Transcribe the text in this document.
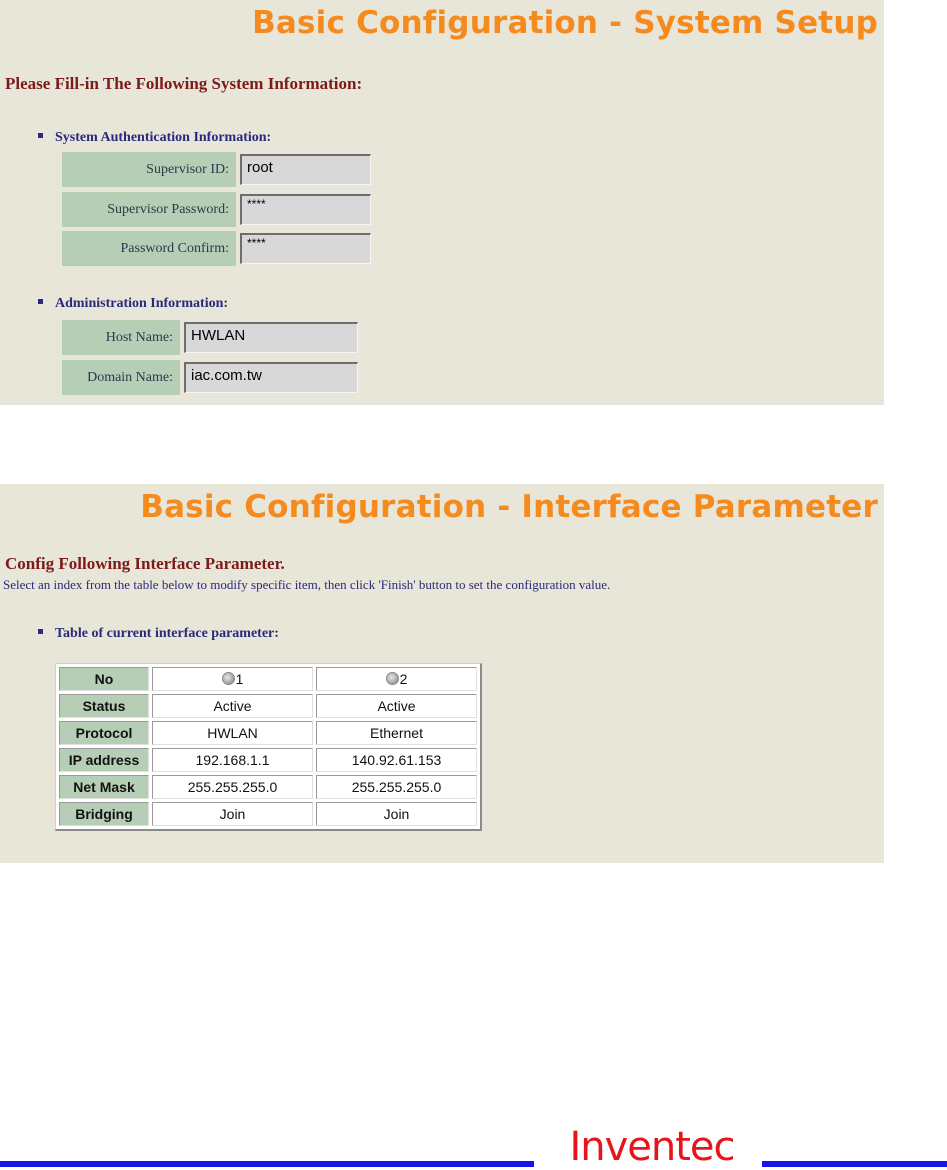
Basic Configuration - System Setup
Please Fill-in The Following System Information:
System Authentication Information:
Supervisor ID:	root
Supervisor Password:	****
Password Confirm:	****
Administration Information:
Host Name:	HWLAN
Domain Name:	iac.com.tw
Basic Configuration - Interface Parameter
Config Following Interface Parameter.
Select an index from the table below to modify specific item, then click 'Finish' button to set the configuration value.
Table of current interface parameter:
No	1	2
Status	Active	Active
Protocol	HWLAN	Ethernet
IP address	192.168.1.1	140.92.61.153
Net Mask	255.255.255.0	255.255.255.0
Bridging	Join	Join
Inventec
